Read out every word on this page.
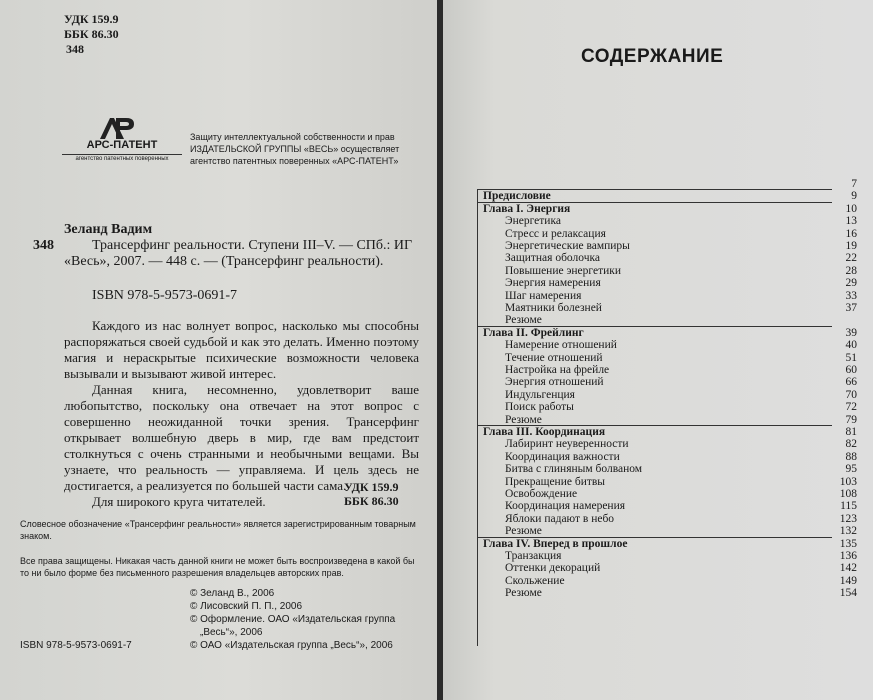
УДК 159.9
ББК 86.30
348
АРС-ПАТЕНТ
агентство патентных поверенных
Защиту интеллектуальной собственности и прав ИЗДАТЕЛЬСКОЙ ГРУППЫ «ВЕСЬ» осуществляет агентство патентных поверенных «АРС-ПАТЕНТ»
Зеланд Вадим
348	Трансерфинг реальности. Ступени III–V. — СПб.: ИГ «Весь», 2007. — 448 с. — (Трансерфинг реальности).
ISBN 978-5-9573-0691-7

Каждого из нас волнует вопрос, насколько мы способны распоряжаться своей судьбой и как это делать. Именно поэтому магия и нераскрытые психические возможности человека вызывали и вызывают живой интерес.

Данная книга, несомненно, удовлетворит ваше любопытство, поскольку она отвечает на этот вопрос с совершенно неожиданной точки зрения. Трансерфинг открывает волшебную дверь в мир, где вам предстоит столкнуться с очень странными и необычными вещами. Вы узнаете, что реальность — управляема. И цель здесь не достигается, а реализуется по большей части сама.

Для широкого круга читателей.

УДК 159.9
ББК 86.30
Словесное обозначение «Трансерфинг реальности» является зарегистрированным товарным знаком.
Все права защищены. Никакая часть данной книги не может быть воспроизведена в какой бы то ни было форме без письменного разрешения владельцев авторских прав.
© Зеланд В., 2006
© Лисовский П. П., 2006
© Оформление. ОАО «Издательская группа
„Весь“», 2006
© ОАО «Издательская группа „Весь“», 2006
ISBN 978-5-9573-0691-7
СОДЕРЖАНИЕ
7
Предисловие	9
Глава I. Энергия	10
Энергетика	13
Стресс и релаксация	16
Энергетические вампиры	19
Защитная оболочка	22
Повышение энергетики	28
Энергия намерения	29
Шаг намерения	33
Маятники болезней	37
Резюме
Глава II. Фрейлинг	39
Намерение отношений	40
Течение отношений	51
Настройка на фрейле	60
Энергия отношений	66
Индульгенция	70
Поиск работы	72
Резюме	79
Глава III. Координация	81
Лабиринт неуверенности	82
Координация важности	88
Битва с глиняным болваном	95
Прекращение битвы	103
Освобождение	108
Координация намерения	115
Яблоки падают в небо	123
Резюме	132
Глава IV. Вперед в прошлое	135
Транзакция	136
Оттенки декораций	142
Скольжение	149
Резюме	154
